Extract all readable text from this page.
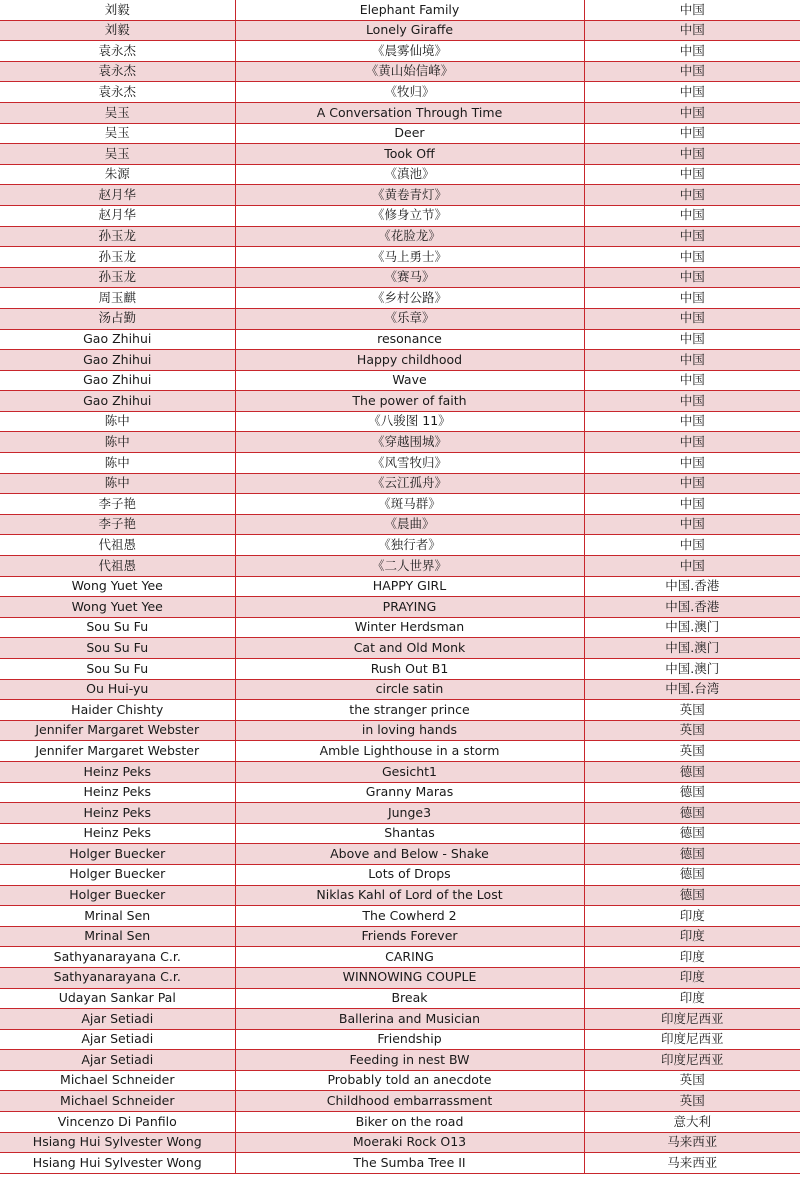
刘毅	Elephant Family	中国
刘毅	Lonely Giraffe	中国
袁永杰	《晨雾仙境》	中国
袁永杰	《黄山始信峰》	中国
袁永杰	《牧归》	中国
吴玉	A Conversation Through Time	中国
吴玉	Deer	中国
吴玉	Took Off	中国
朱源	《滇池》	中国
赵月华	《黄卷青灯》	中国
赵月华	《修身立节》	中国
孙玉龙	《花脸龙》	中国
孙玉龙	《马上勇士》	中国
孙玉龙	《赛马》	中国
周玉麒	《乡村公路》	中国
汤占勤	《乐章》	中国
Gao Zhihui	resonance	中国
Gao Zhihui	Happy childhood	中国
Gao Zhihui	Wave	中国
Gao Zhihui	The power of faith	中国
陈中	《八骏图 11》	中国
陈中	《穿越围城》	中国
陈中	《风雪牧归》	中国
陈中	《云江孤舟》	中国
李子艳	《斑马群》	中国
李子艳	《晨曲》	中国
代祖愚	《独行者》	中国
代祖愚	《二人世界》	中国
Wong Yuet Yee	HAPPY GIRL	中国.香港
Wong Yuet Yee	PRAYING	中国.香港
Sou Su Fu	Winter Herdsman	中国.澳门
Sou Su Fu	Cat and Old Monk	中国.澳门
Sou Su Fu	Rush Out B1	中国.澳门
Ou Hui-yu	circle satin	中国.台湾
Haider Chishty	the stranger prince	英国
Jennifer Margaret Webster	in loving hands	英国
Jennifer Margaret Webster	Amble Lighthouse in a storm	英国
Heinz Peks	Gesicht1	德国
Heinz Peks	Granny Maras	德国
Heinz Peks	Junge3	德国
Heinz Peks	Shantas	德国
Holger Buecker	Above and Below - Shake	德国
Holger Buecker	Lots of Drops	德国
Holger Buecker	Niklas Kahl of Lord of the Lost	德国
Mrinal Sen	The Cowherd 2	印度
Mrinal Sen	Friends Forever	印度
Sathyanarayana C.r.	CARING	印度
Sathyanarayana C.r.	WINNOWING COUPLE	印度
Udayan Sankar Pal	Break	印度
Ajar Setiadi	Ballerina and Musician	印度尼西亚
Ajar Setiadi	Friendship	印度尼西亚
Ajar Setiadi	Feeding in nest BW	印度尼西亚
Michael Schneider	Probably told an anecdote	英国
Michael Schneider	Childhood embarrassment	英国
Vincenzo Di Panfilo	Biker on the road	意大利
Hsiang Hui Sylvester Wong	Moeraki Rock O13	马来西亚
Hsiang Hui Sylvester Wong	The Sumba Tree II	马来西亚
